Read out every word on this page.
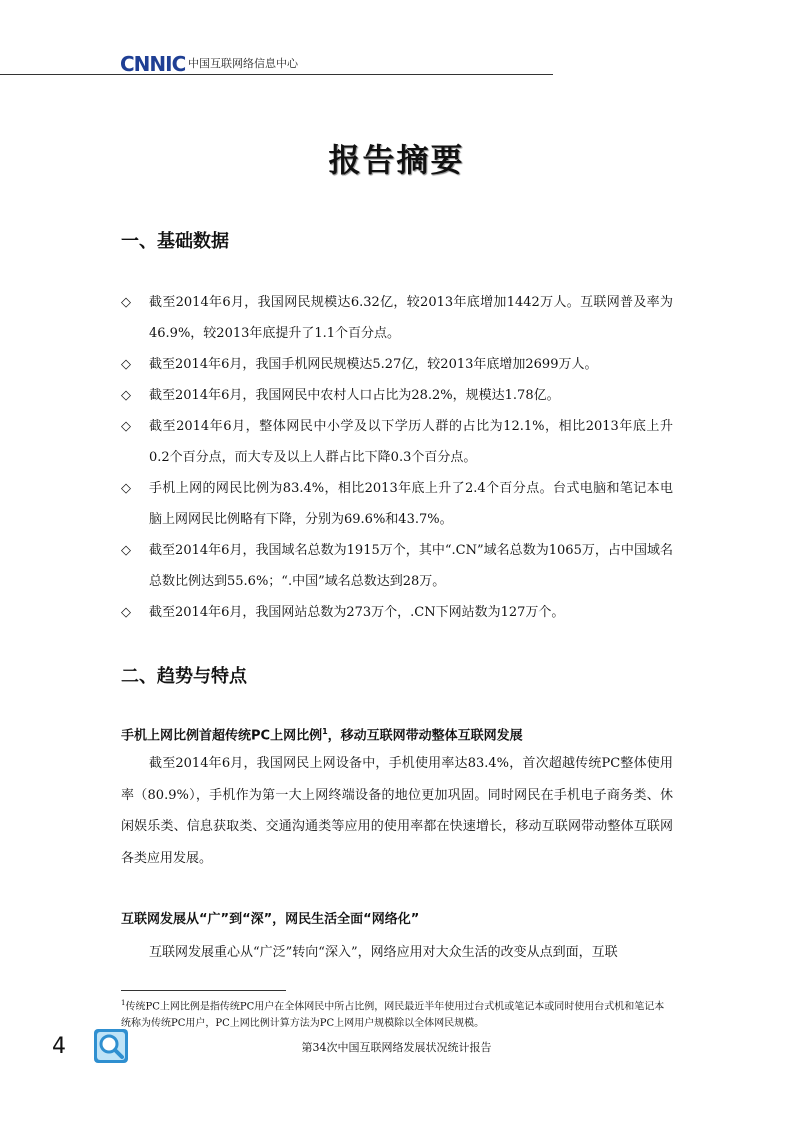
CNNIC 中国互联网络信息中心
报告摘要
一、基础数据
◇ 截至2014年6月，我国网民规模达6.32亿，较2013年底增加1442万人。互联网普及率为46.9%，较2013年底提升了1.1个百分点。
◇ 截至2014年6月，我国手机网民规模达5.27亿，较2013年底增加2699万人。
◇ 截至2014年6月，我国网民中农村人口占比为28.2%，规模达1.78亿。
◇ 截至2014年6月，整体网民中小学及以下学历人群的占比为12.1%，相比2013年底上升0.2个百分点，而大专及以上人群占比下降0.3个百分点。
◇ 手机上网的网民比例为83.4%，相比2013年底上升了2.4个百分点。台式电脑和笔记本电脑上网网民比例略有下降，分别为69.6%和43.7%。
◇ 截至2014年6月，我国域名总数为1915万个，其中“.CN”域名总数为1065万，占中国域名总数比例达到55.6%；“.中国”域名总数达到28万。
◇ 截至2014年6月，我国网站总数为273万个，.CN下网站数为127万个。
二、趋势与特点
手机上网比例首超传统PC上网比例$^1$，移动互联网带动整体互联网发展

截至2014年6月，我国网民上网设备中，手机使用率达83.4%，首次超越传统PC整体使用率（80.9%），手机作为第一大上网终端设备的地位更加巩固。同时网民在手机电子商务类、休闲娱乐类、信息获取类、交通沟通类等应用的使用率都在快速增长，移动互联网带动整体互联网各类应用发展。

互联网发展从“广”到“深”，网民生活全面“网络化”

互联网发展重心从“广泛”转向“深入”，网络应用对大众生活的改变从点到面，互联

$^1$传统PC上网比例是指传统PC用户在全体网民中所占比例，网民最近半年使用过台式机或笔记本或同时使用台式机和笔记本统称为传统PC用户，PC上网比例计算方法为PC上网用户规模除以全体网民规模。

4	第34次中国互联网络发展状况统计报告
